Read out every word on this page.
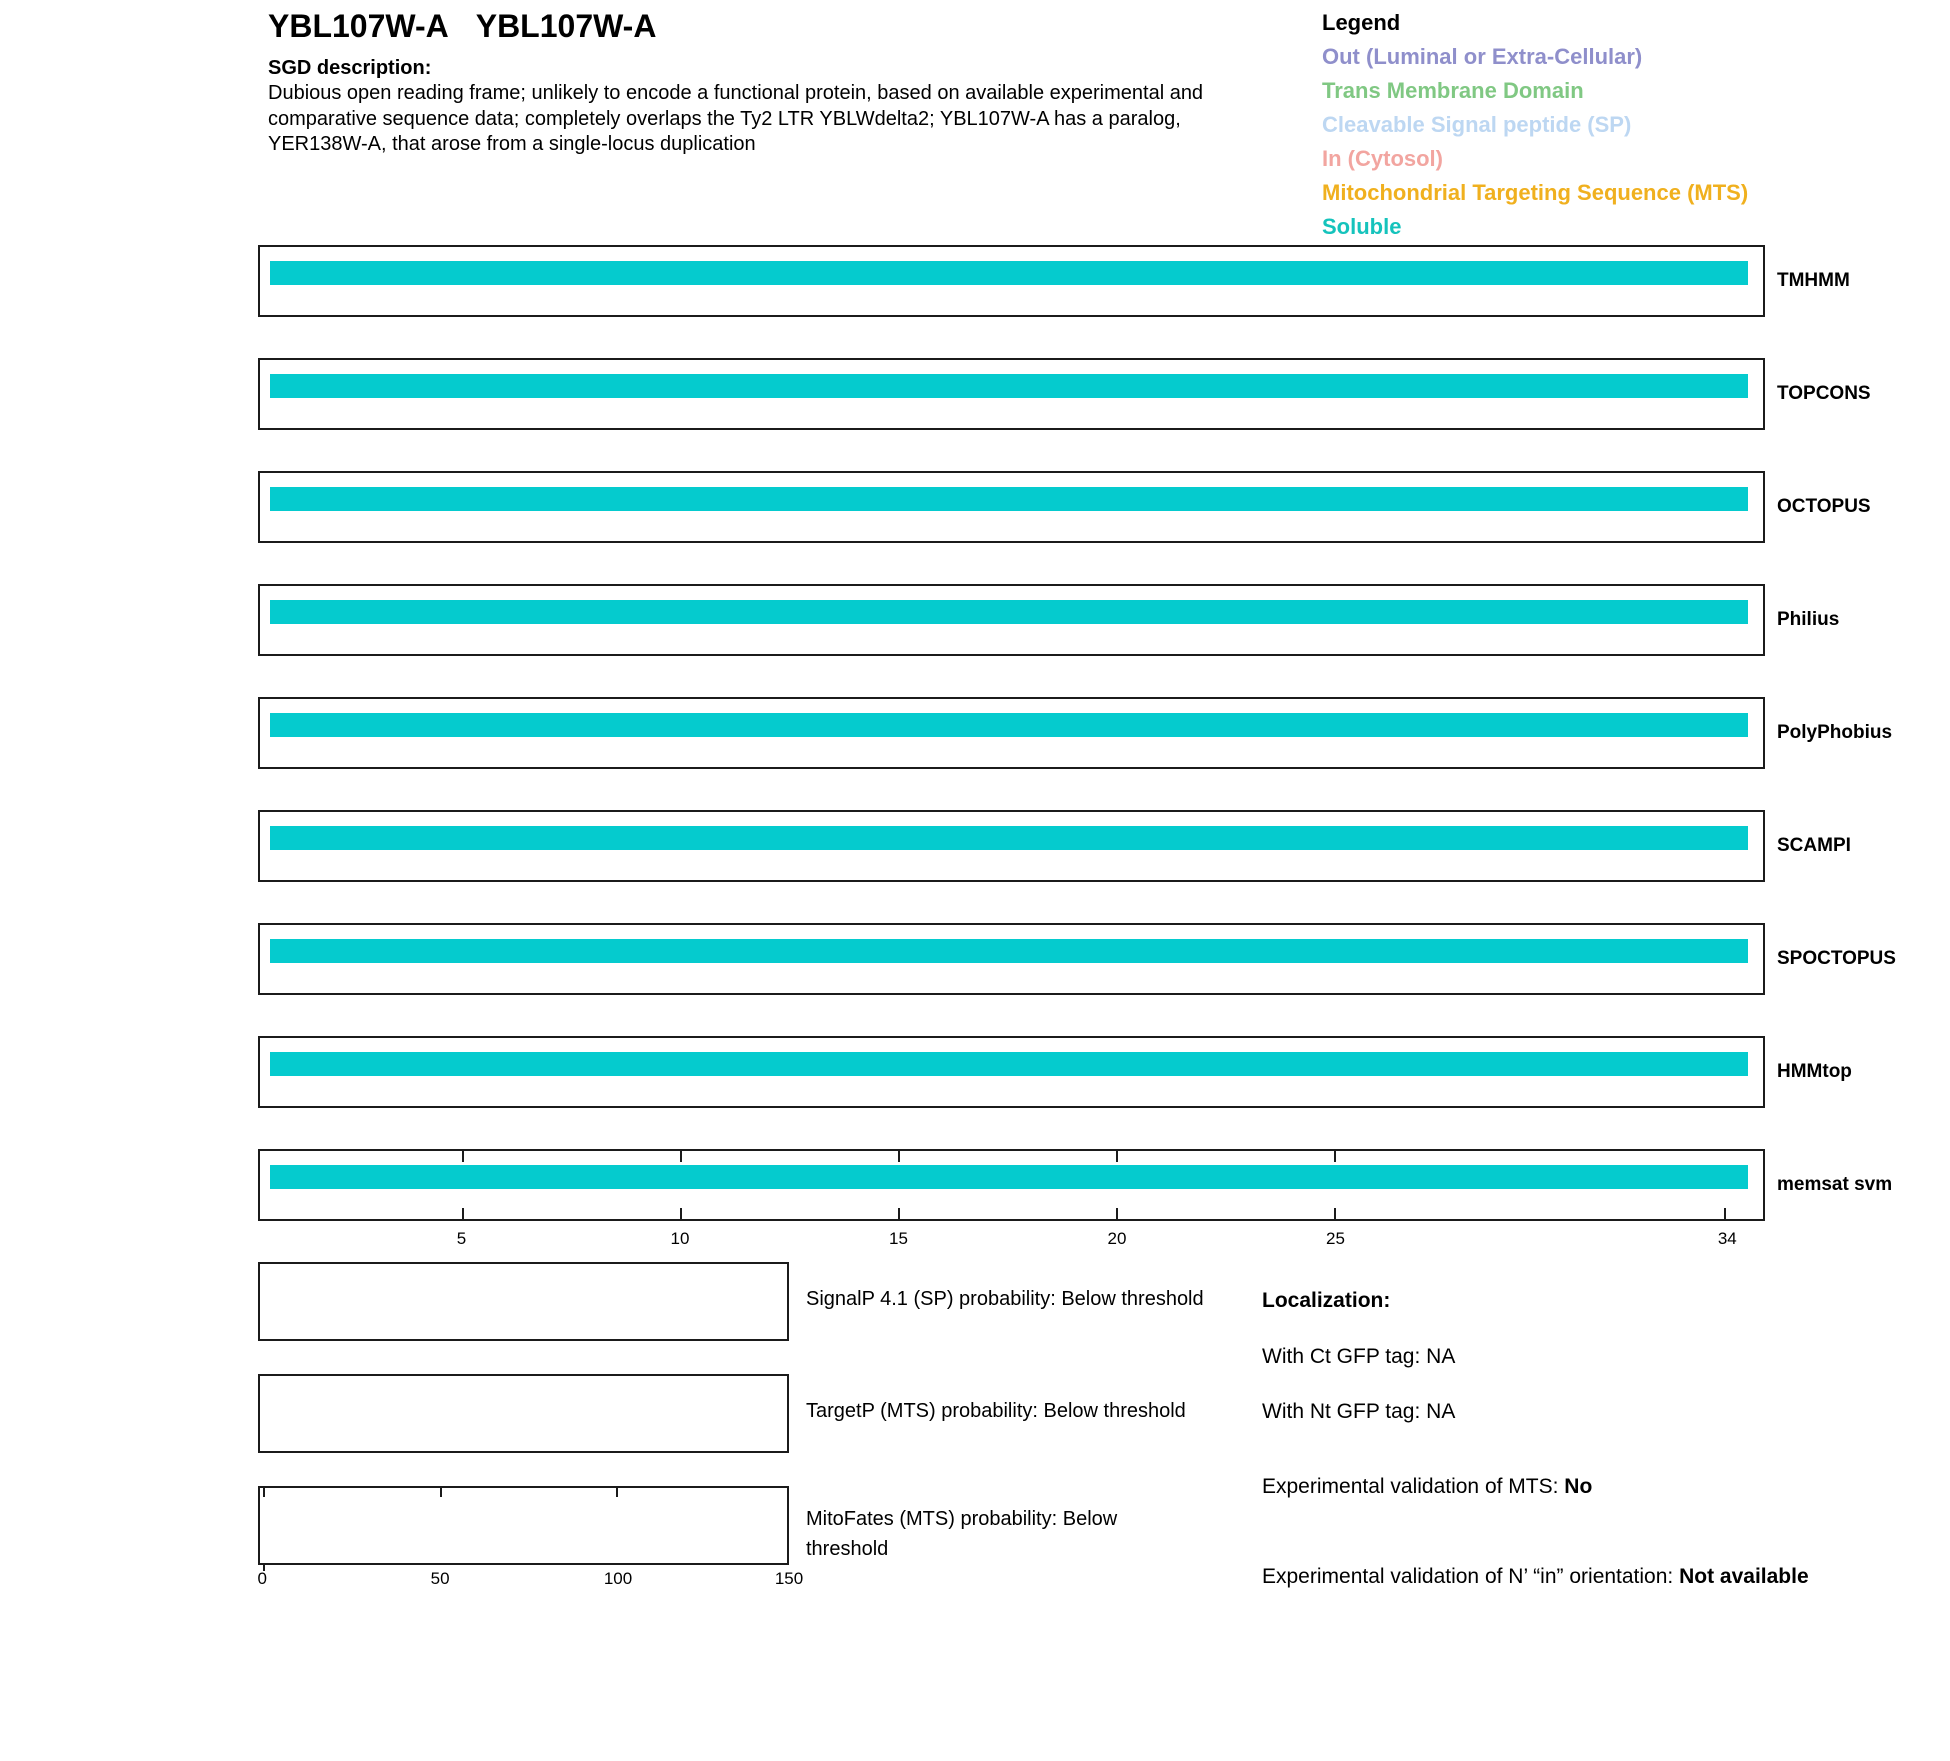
YBL107W-A YBL107W-A
SGD description:
Dubious open reading frame; unlikely to encode a functional protein, based on available experimental and
comparative sequence data; completely overlaps the Ty2 LTR YBLWdelta2; YBL107W-A has a paralog,
YER138W-A, that arose from a single-locus duplication
Legend
Out (Luminal or Extra-Cellular)
Trans Membrane Domain
Cleavable Signal peptide (SP)
In (Cytosol)
Mitochondrial Targeting Sequence (MTS)
Soluble
TMHMM
TOPCONS
OCTOPUS
Philius
PolyPhobius
SCAMPI
SPOCTOPUS
HMMtop
memsat svm
5	10	15	20	25	34
SignalP 4.1 (SP) probability: Below threshold
TargetP (MTS) probability: Below threshold
MitoFates (MTS) probability: Below threshold
0	50	100	150
Localization:
With Ct GFP tag: NA
With Nt GFP tag: NA
Experimental validation of MTS: No
Experimental validation of N’ “in” orientation: Not available
